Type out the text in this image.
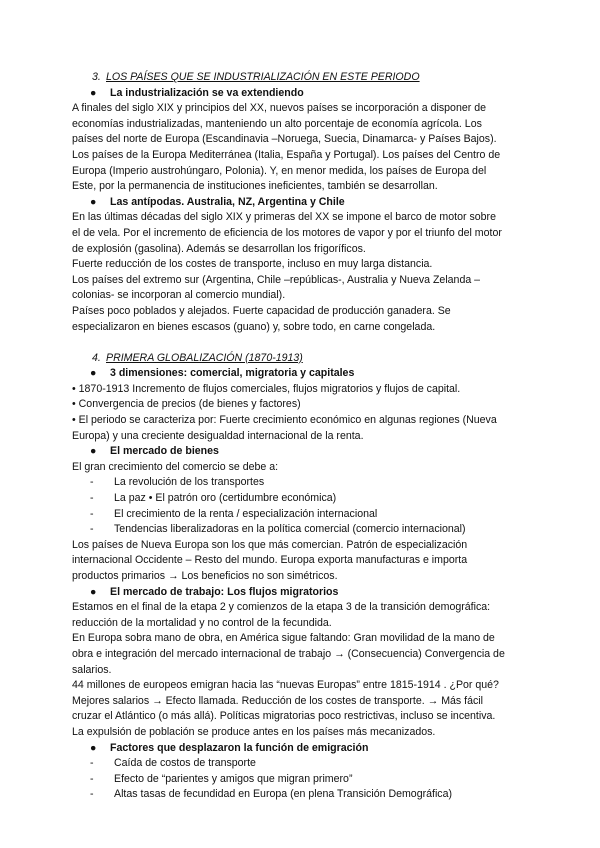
3. LOS PAÍSES QUE SE INDUSTRIALIZACIÓN EN ESTE PERIODO

● La industrialización se va extendiendo

A finales del siglo XIX y principios del XX, nuevos países se incorporación a disponer de

economías industrializadas, manteniendo un alto porcentaje de economía agrícola. Los

países del norte de Europa (Escandinavia –Noruega, Suecia, Dinamarca- y Países Bajos).

Los países de la Europa Mediterránea (Italia, España y Portugal). Los países del Centro de

Europa (Imperio austrohúngaro, Polonia). Y, en menor medida, los países de Europa del

Este, por la permanencia de instituciones ineficientes, también se desarrollan.

● Las antípodas. Australia, NZ, Argentina y Chile

En las últimas décadas del siglo XIX y primeras del XX se impone el barco de motor sobre

el de vela. Por el incremento de eficiencia de los motores de vapor y por el triunfo del motor

de explosión (gasolina). Además se desarrollan los frigoríficos.

Fuerte reducción de los costes de transporte, incluso en muy larga distancia.

Los países del extremo sur (Argentina, Chile –repúblicas-, Australia y Nueva Zelanda –

colonias- se incorporan al comercio mundial).

Países poco poblados y alejados. Fuerte capacidad de producción ganadera. Se

especializaron en bienes escasos (guano) y, sobre todo, en carne congelada.

4. PRIMERA GLOBALIZACIÓN (1870-1913)

● 3 dimensiones: comercial, migratoria y capitales

• 1870-1913 Incremento de flujos comerciales, flujos migratorios y flujos de capital.

• Convergencia de precios (de bienes y factores)

• El periodo se caracteriza por: Fuerte crecimiento económico en algunas regiones (Nueva

Europa) y una creciente desigualdad internacional de la renta.

● El mercado de bienes

El gran crecimiento del comercio se debe a:

- La revolución de los transportes

- La paz • El patrón oro (certidumbre económica)

- El crecimiento de la renta / especialización internacional

- Tendencias liberalizadoras en la política comercial (comercio internacional)

Los países de Nueva Europa son los que más comercian. Patrón de especialización

internacional Occidente – Resto del mundo. Europa exporta manufacturas e importa

productos primarios → Los beneficios no son simétricos.

● El mercado de trabajo: Los flujos migratorios

Estamos en el final de la etapa 2 y comienzos de la etapa 3 de la transición demográfica:

reducción de la mortalidad y no control de la fecundida.

En Europa sobra mano de obra, en América sigue faltando: Gran movilidad de la mano de

obra e integración del mercado internacional de trabajo → (Consecuencia) Convergencia de

salarios.

44 millones de europeos emigran hacia las “nuevas Europas” entre 1815-1914 . ¿Por qué?

Mejores salarios → Efecto llamada. Reducción de los costes de transporte. → Más fácil

cruzar el Atlántico (o más allá). Políticas migratorias poco restrictivas, incluso se incentiva.

La expulsión de población se produce antes en los países más mecanizados.

● Factores que desplazaron la función de emigración

- Caída de costos de transporte

- Efecto de “parientes y amigos que migran primero”

- Altas tasas de fecundidad en Europa (en plena Transición Demográfica)
